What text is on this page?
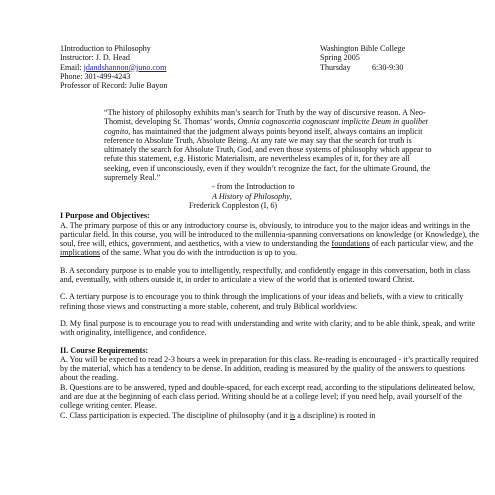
1Introduction to Philosophy
Instructor: J. D. Head
Email: jdandshannon@juno.com
Phone: 301-499-4243
Professor of Record: Julie Bayon
Washington Bible College
Spring 2005
Thursday	6:30-9:30

“The history of philosophy exhibits man’s search for Truth by the way of discursive reason. A Neo-Thomist, developing St. Thomas’ words, Omnia cognoscetia cognoscunt implicite Deum in quolibet cognito, has maintained that the judgment always points beyond itself, always contains an implicit reference to Absolute Truth, Absolute Being. At any rate we may say that the search for truth is ultimately the search for Absolute Truth, God, and even those systems of philosophy which appear to refute this statement, e.g. Historic Materialism, are nevertheless examples of it, for they are all seeking, even if unconsciously, even if they wouldn’t recognize the fact, for the ultimate Ground, the supremely Real.”

- from the Introduction to
A History of Philosophy,
Frederick Coppleston (I, 6)
I Purpose and Objectives:
A. The primary purpose of this or any introductory course is, obviously, to introduce you to the major ideas and writings in the particular field. In this course, you will be introduced to the millennia-spanning conversations on knowledge (or Knowledge), the soul, free will, ethics, government, and aesthetics, with a view to understanding the foundations of each particular view, and the implications of the same. What you do with the introduction is up to you.
B. A secondary purpose is to enable you to intelligently, respectfully, and confidently engage in this conversation, both in class and, eventually, with others outside it, in order to articulate a view of the world that is oriented toward Christ.
C. A tertiary purpose is to encourage you to think through the implications of your ideas and beliefs, with a view to critically refining those views and constructing a more stable, coherent, and truly Biblical worldview.
D. My final purpose is to encourage you to read with understanding and write with clarity, and to be able think, speak, and write with originality, intelligence, and confidence.
II. Course Requirements:
A. You will be expected to read 2-3 hours a week in preparation for this class. Re-reading is encouraged - it’s practically required by the material, which has a tendency to be dense. In addition, reading is measured by the quality of the answers to questions about the reading.
B. Questions are to be answered, typed and double-spaced, for each excerpt read, according to the stipulations delineated below, and are due at the beginning of each class period. Writing should be at a college level; if you need help, avail yourself of the college writing center. Please.
C. Class participation is expected. The discipline of philosophy (and it is a discipline) is rooted in
